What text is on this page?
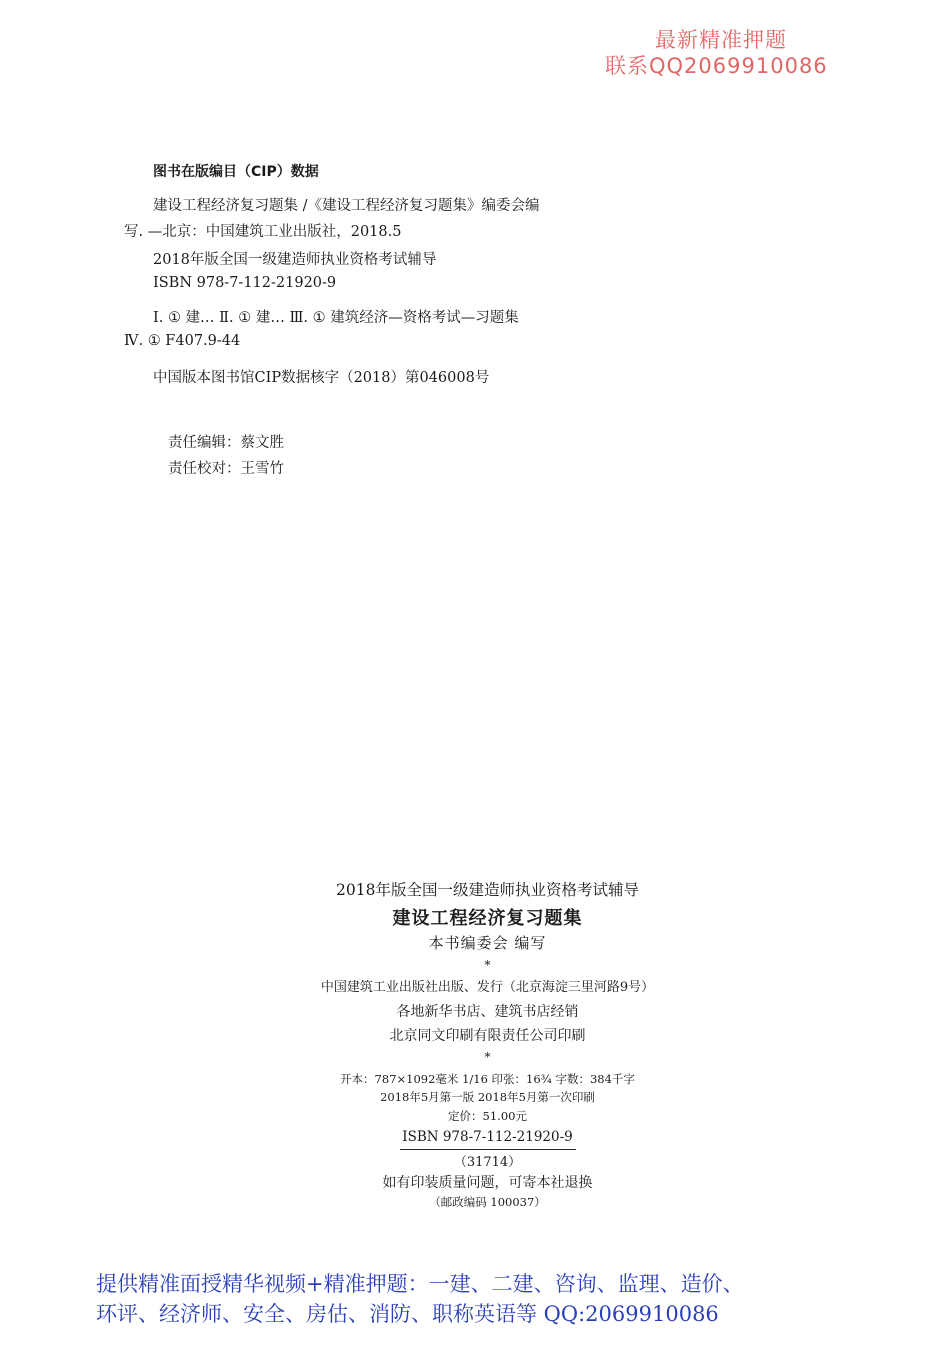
最新精准押题
联系QQ2069910086
图书在版编目（CIP）数据
建设工程经济复习题集 /《建设工程经济复习题集》编委会编
写. —北京：中国建筑工业出版社，2018.5
2018年版全国一级建造师执业资格考试辅导
ISBN 978-7-112-21920-9
Ⅰ. ① 建… Ⅱ. ① 建… Ⅲ. ① 建筑经济—资格考试—习题集
Ⅳ. ① F407.9-44
中国版本图书馆CIP数据核字（2018）第046008号
责任编辑：蔡文胜
责任校对：王雪竹
2018年版全国一级建造师执业资格考试辅导
建设工程经济复习题集
本书编委会 编写
*
中国建筑工业出版社出版、发行（北京海淀三里河路9号）
各地新华书店、建筑书店经销
北京同文印刷有限责任公司印刷
*
开本：787×1092毫米 1/16 印张：16¾ 字数：384千字
2018年5月第一版 2018年5月第一次印刷
定价：51.00元
ISBN 978-7-112-21920-9
（31714）
如有印装质量问题，可寄本社退换
（邮政编码 100037）
提供精准面授精华视频+精准押题：一建、二建、咨询、监理、造价、
环评、经济师、安全、房估、消防、职称英语等 QQ:2069910086
